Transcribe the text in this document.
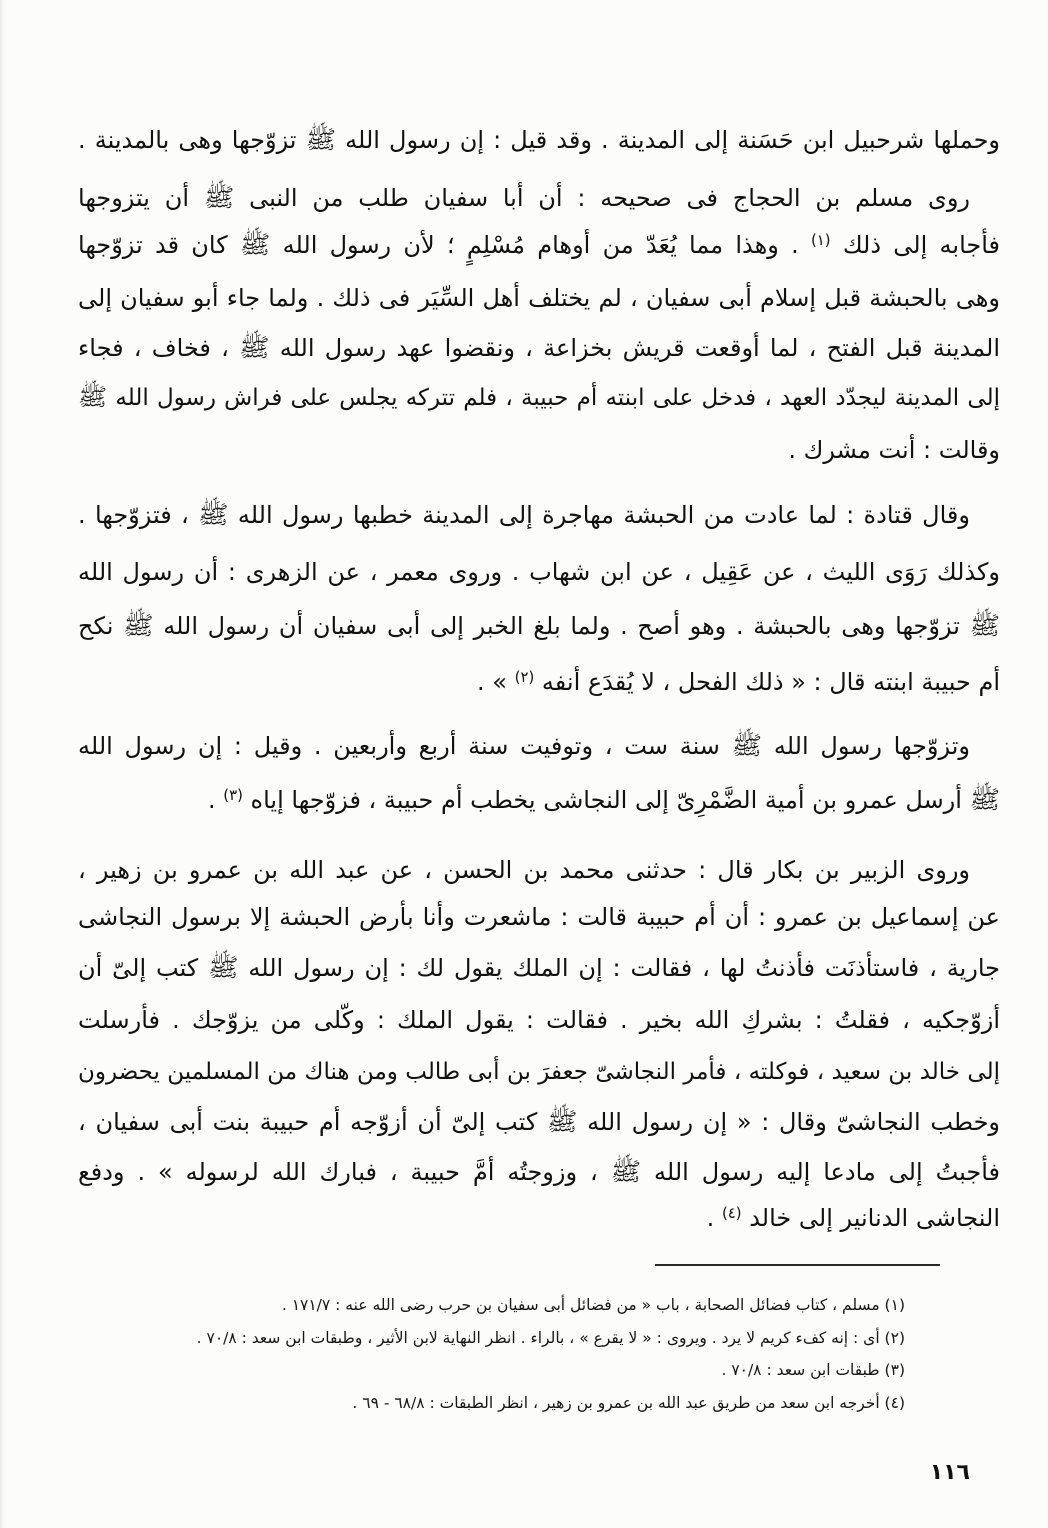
وحملها شرحبيل ابن حَسَنة إلى المدينة . وقد قيل : إن رسول الله ﷺ تزوّجها وهى بالمدينة .
روى مسلم بن الحجاج فى صحيحه : أن أبا سفيان طلب من النبى ﷺ أن يتزوجها
فأجابه إلى ذلك $^{(١)}$ . وهذا مما يُعَدّ من أوهام مُسْلِمٍ ؛ لأن رسول الله ﷺ كان قد تزوّجها
وهى بالحبشة قبل إسلام أبى سفيان ، لم يختلف أهل السِّيَر فى ذلك . ولما جاء أبو سفيان إلى
المدينة قبل الفتح ، لما أوقعت قريش بخزاعة ، ونقضوا عهد رسول الله ﷺ ، فخاف ، فجاء
إلى المدينة ليجدّد العهد ، فدخل على ابنته أم حبيبة ، فلم تتركه يجلس على فراش رسول الله ﷺ
وقالت : أنت مشرك .
وقال قتادة : لما عادت من الحبشة مهاجرة إلى المدينة خطبها رسول الله ﷺ ، فتزوّجها .
وكذلك رَوَى الليث ، عن عَقِيل ، عن ابن شهاب . وروى معمر ، عن الزهرى : أن رسول الله
ﷺ تزوّجها وهى بالحبشة . وهو أصح . ولما بلغ الخبر إلى أبى سفيان أن رسول الله ﷺ نكح
أم حبيبة ابنته قال : « ذلك الفحل ، لا يُقدَع أنفه $^{(٢)}$ » .
وتزوّجها رسول الله ﷺ سنة ست ، وتوفيت سنة أربع وأربعين . وقيل : إن رسول الله
ﷺ أرسل عمرو بن أمية الضَّمْرِىّ إلى النجاشى يخطب أم حبيبة ، فزوّجها إياه $^{(٣)}$ .
وروى الزبير بن بكار قال : حدثنى محمد بن الحسن ، عن عبد الله بن عمرو بن زهير ،
عن إسماعيل بن عمرو : أن أم حبيبة قالت : ماشعرت وأنا بأرض الحبشة إلا برسول النجاشى
جارية ، فاستأذنَت فأذنتُ لها ، فقالت : إن الملك يقول لك : إن رسول الله ﷺ كتب إلىّ أن
أزوّجكيه ، فقلتُ : بشركِ الله بخير . فقالت : يقول الملك : وكّلى من يزوّجك . فأرسلت
إلى خالد بن سعيد ، فوكلته ، فأمر النجاشىّ جعفرَ بن أبى طالب ومن هناك من المسلمين يحضرون
وخطب النجاشىّ وقال : « إن رسول الله ﷺ كتب إلىّ أن أزوّجه أم حبيبة بنت أبى سفيان ،
فأجبتُ إلى مادعا إليه رسول الله ﷺ ، وزوجتُه أمَّ حبيبة ، فبارك الله لرسوله » . ودفع
النجاشى الدنانير إلى خالد $^{(٤)}$ .
(١) مسلم ، كتاب فضائل الصحابة ، باب « من فضائل أبى سفيان بن حرب رضى الله عنه : ١٧١/٧ .
(٢) أى : إنه كفء كريم لا يرد . ويروى : « لا يقرع » ، بالراء . انظر النهاية لابن الأثير ، وطبقات ابن سعد : ٧٠/٨ .
(٣) طبقات ابن سعد : ٧٠/٨ .
(٤) أخرجه ابن سعد من طريق عبد الله بن عمرو بن زهير ، انظر الطبقات : ٦٨/٨ - ٦٩ .
١١٦
